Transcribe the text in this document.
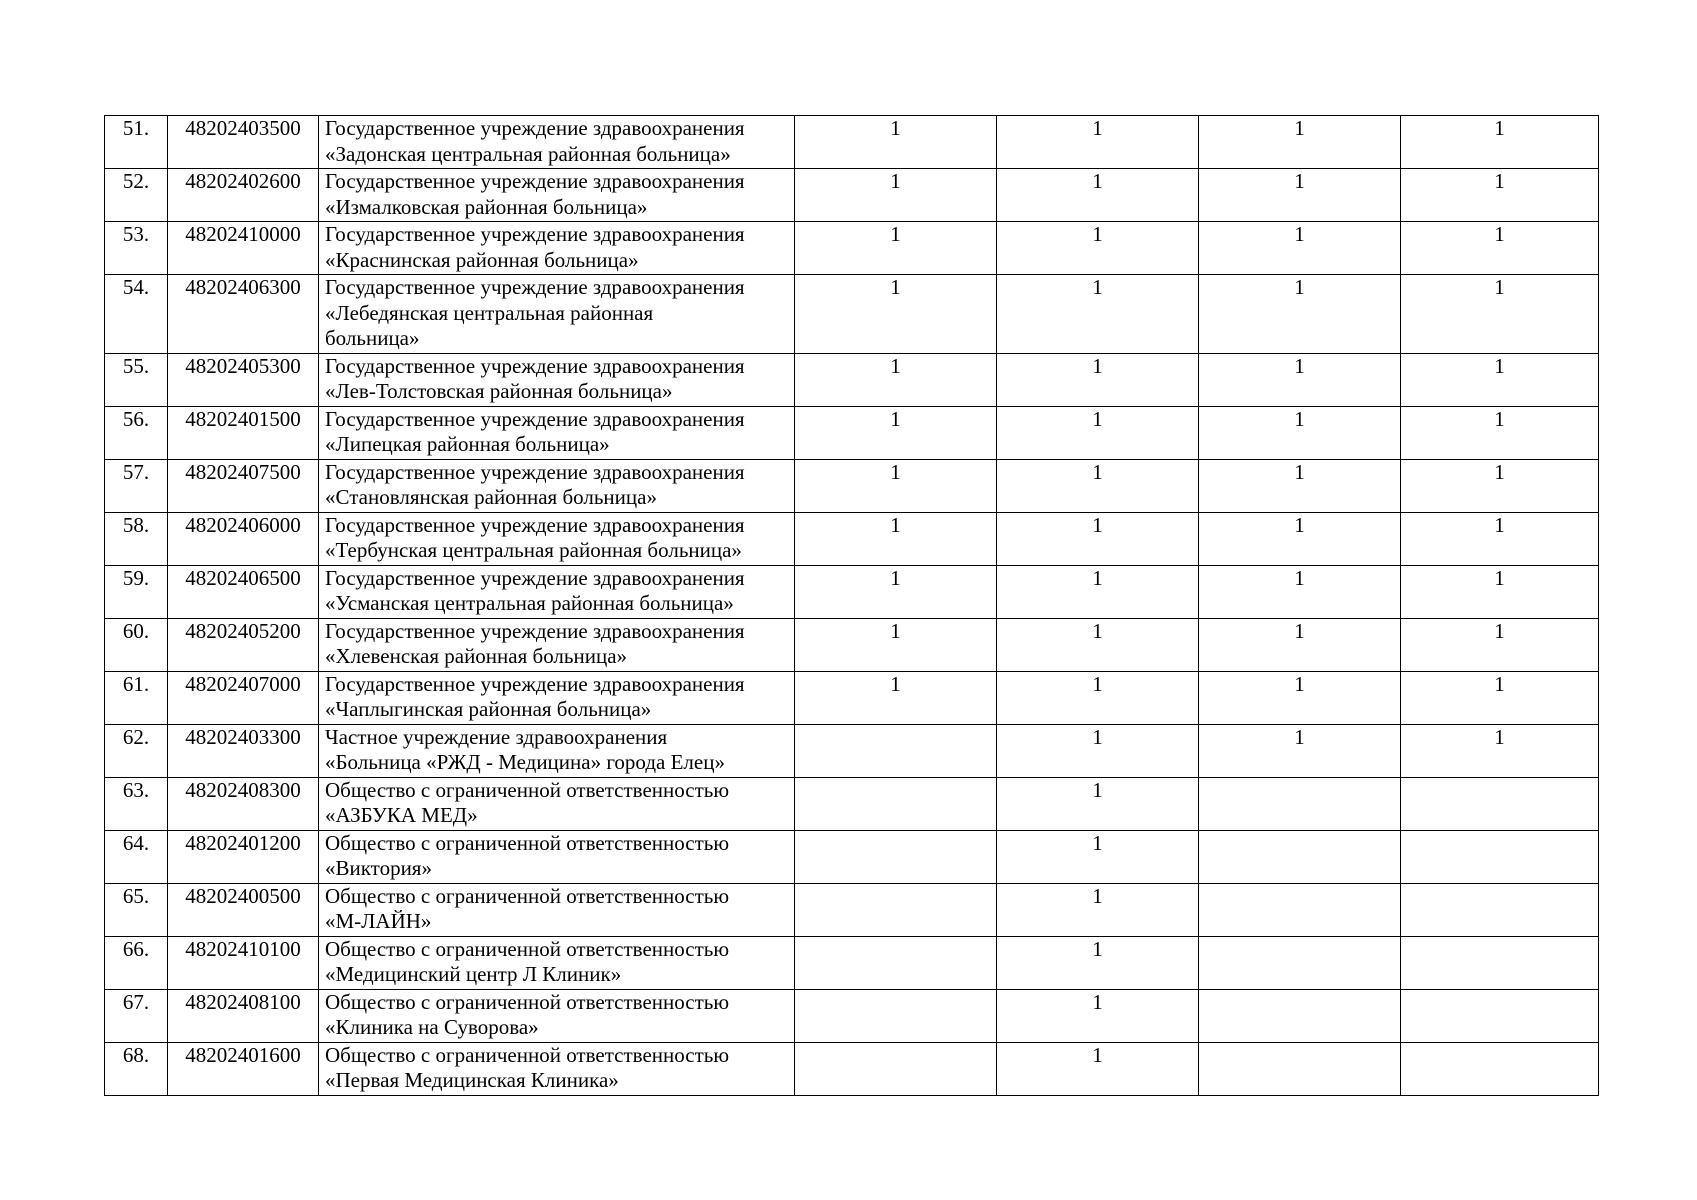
51.	48202403500	Государственное учреждение здравоохранения
«Задонская центральная районная больница»	1	1	1	1
52.	48202402600	Государственное учреждение здравоохранения
«Измалковская районная больница»	1	1	1	1
53.	48202410000	Государственное учреждение здравоохранения
«Краснинская районная больница»	1	1	1	1
54.	48202406300	Государственное учреждение здравоохранения
«Лебедянская центральная районная
больница»	1	1	1	1
55.	48202405300	Государственное учреждение здравоохранения
«Лев-Толстовская районная больница»	1	1	1	1
56.	48202401500	Государственное учреждение здравоохранения
«Липецкая районная больница»	1	1	1	1
57.	48202407500	Государственное учреждение здравоохранения
«Становлянская районная больница»	1	1	1	1
58.	48202406000	Государственное учреждение здравоохранения
«Тербунская центральная районная больница»	1	1	1	1
59.	48202406500	Государственное учреждение здравоохранения
«Усманская центральная районная больница»	1	1	1	1
60.	48202405200	Государственное учреждение здравоохранения
«Хлевенская районная больница»	1	1	1	1
61.	48202407000	Государственное учреждение здравоохранения
«Чаплыгинская районная больница»	1	1	1	1
62.	48202403300	Частное учреждение здравоохранения
«Больница «РЖД - Медицина» города Елец»		1	1	1
63.	48202408300	Общество с ограниченной ответственностью
«АЗБУКА МЕД»		1		
64.	48202401200	Общество с ограниченной ответственностью
«Виктория»		1		
65.	48202400500	Общество с ограниченной ответственностью
«М-ЛАЙН»		1		
66.	48202410100	Общество с ограниченной ответственностью
«Медицинский центр Л Клиник»		1		
67.	48202408100	Общество с ограниченной ответственностью
«Клиника на Суворова»		1		
68.	48202401600	Общество с ограниченной ответственностью
«Первая Медицинская Клиника»		1		
